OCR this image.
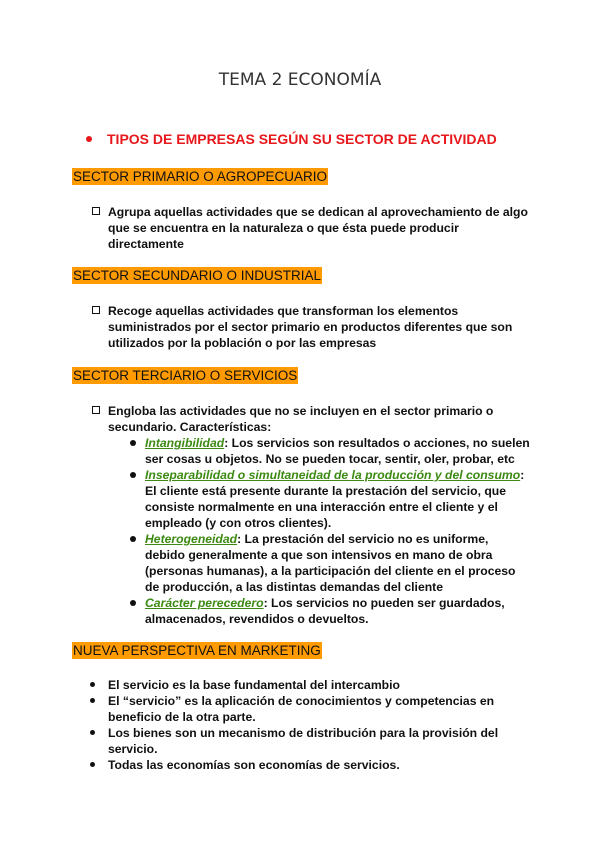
TEMA 2 ECONOMÍA
TIPOS DE EMPRESAS SEGÚN SU SECTOR DE ACTIVIDAD
SECTOR PRIMARIO O AGROPECUARIO
Agrupa aquellas actividades que se dedican al aprovechamiento de algo que se encuentra en la naturaleza o que ésta puede producir directamente
SECTOR SECUNDARIO O INDUSTRIAL
Recoge aquellas actividades que transforman los elementos suministrados por el sector primario en productos diferentes que son utilizados por la población o por las empresas
SECTOR TERCIARIO O SERVICIOS
Engloba las actividades que no se incluyen en el sector primario o secundario. Características:
Intangibilidad: Los servicios son resultados o acciones, no suelen ser cosas u objetos. No se pueden tocar, sentir, oler, probar, etc
Inseparabilidad o simultaneidad de la producción y del consumo: El cliente está presente durante la prestación del servicio, que consiste normalmente en una interacción entre el cliente y el empleado (y con otros clientes).
Heterogeneidad: La prestación del servicio no es uniforme, debido generalmente a que son intensivos en mano de obra (personas humanas), a la participación del cliente en el proceso de producción, a las distintas demandas del cliente
Carácter perecedero: Los servicios no pueden ser guardados, almacenados, revendidos o devueltos.
NUEVA PERSPECTIVA EN MARKETING
El servicio es la base fundamental del intercambio
El “servicio” es la aplicación de conocimientos y competencias en beneficio de la otra parte.
Los bienes son un mecanismo de distribución para la provisión del servicio.
Todas las economías son economías de servicios.
